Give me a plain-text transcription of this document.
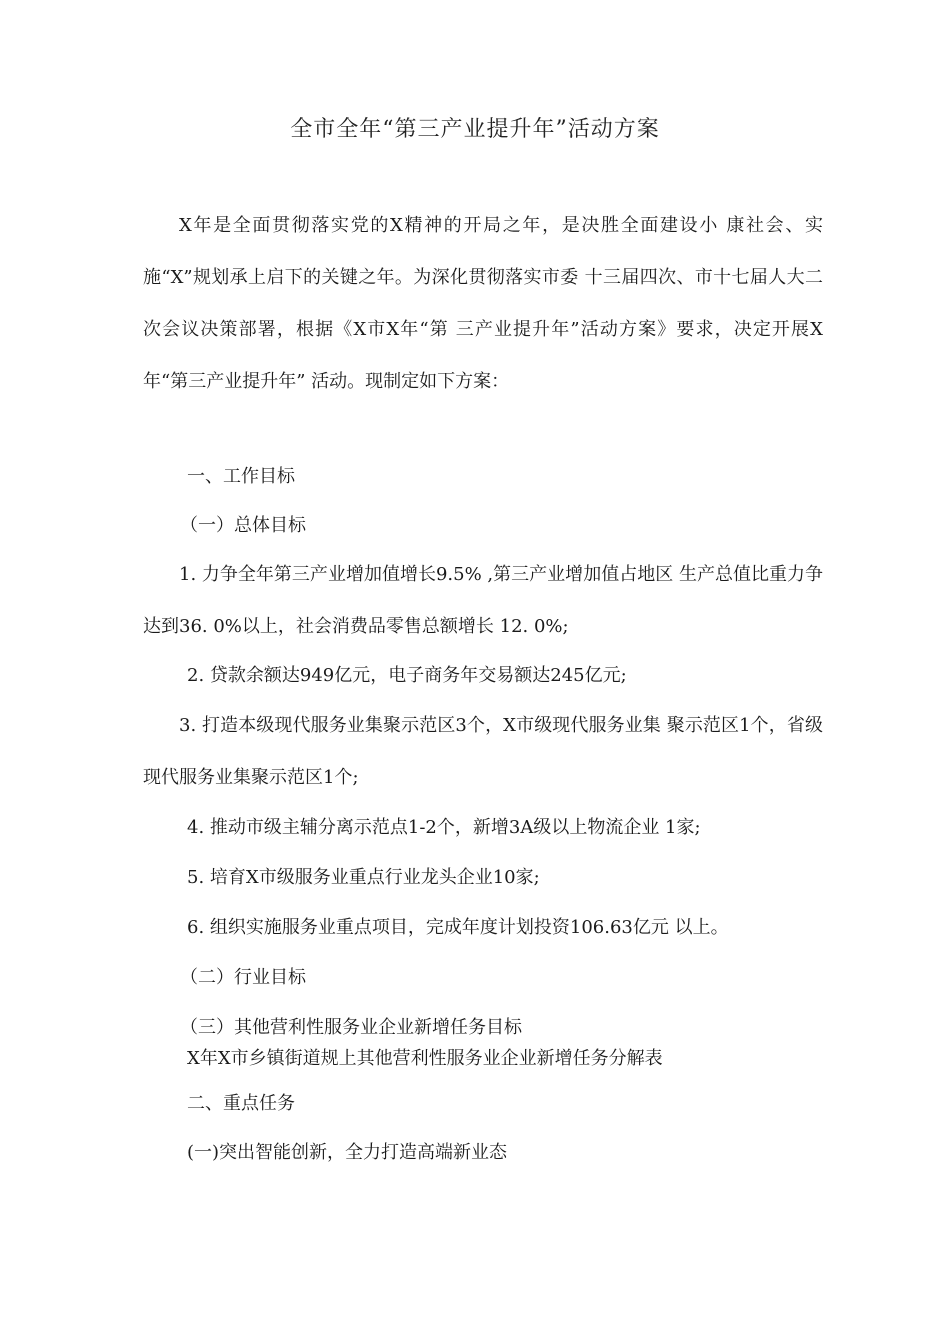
全市全年“第三产业提升年”活动方案
X年是全面贯彻落实党的X精神的开局之年，是决胜全面建设小 康社会、实施“X”规划承上启下的关键之年。为深化贯彻落实市委 十三届四次、市十七届人大二次会议决策部署，根据《X市X年“第 三产业提升年”活动方案》要求，决定开展X年“第三产业提升年” 活动。现制定如下方案：
一、工作目标
（一）总体目标
1. 力争全年第三产业增加值增长9.5% ,第三产业增加值占地区 生产总值比重力争达到36. 0%以上，社会消费品零售总额增长 12. 0%;
2. 贷款余额达949亿元，电子商务年交易额达245亿元;
3. 打造本级现代服务业集聚示范区3个，X市级现代服务业集 聚示范区1个，省级现代服务业集聚示范区1个;
4. 推动市级主辅分离示范点1-2个，新增3A级以上物流企业 1家;
5. 培育X市级服务业重点行业龙头企业10家;
6. 组织实施服务业重点项目，完成年度计划投资106.63亿元 以上。
（二）行业目标
（三）其他营利性服务业企业新增任务目标
X年X市乡镇街道规上其他营利性服务业企业新增任务分解表
二、重点任务
(一)突出智能创新，全力打造高端新业态
